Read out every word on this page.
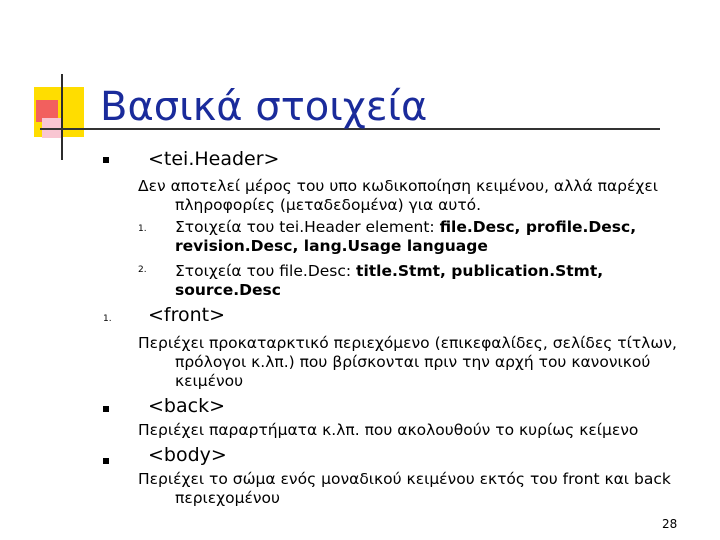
Βασικά στοιχεία
<tei.Header>
Δεν αποτελεί μέρος του υπο κωδικοποίηση κειμένου, αλλά παρέχει
πληροφορίες (μεταδεδομένα) για αυτό.
1. Στοιχεία του tei.Header element: file.Desc, profile.Desc,
revision.Desc, lang.Usage language
2. Στοιχεία του file.Desc: title.Stmt, publication.Stmt,
source.Desc
1. <front>
Περιέχει προκαταρκτικό περιεχόμενο (επικεφαλίδες, σελίδες τίτλων,
πρόλογοι κ.λπ.) που βρίσκονται πριν την αρχή του κανονικού
κειμένου
<back>
Περιέχει παραρτήματα κ.λπ. που ακολουθούν το κυρίως κείμενο
<body>
Περιέχει το σώμα ενός μοναδικού κειμένου εκτός του front και back
περιεχομένου
28
